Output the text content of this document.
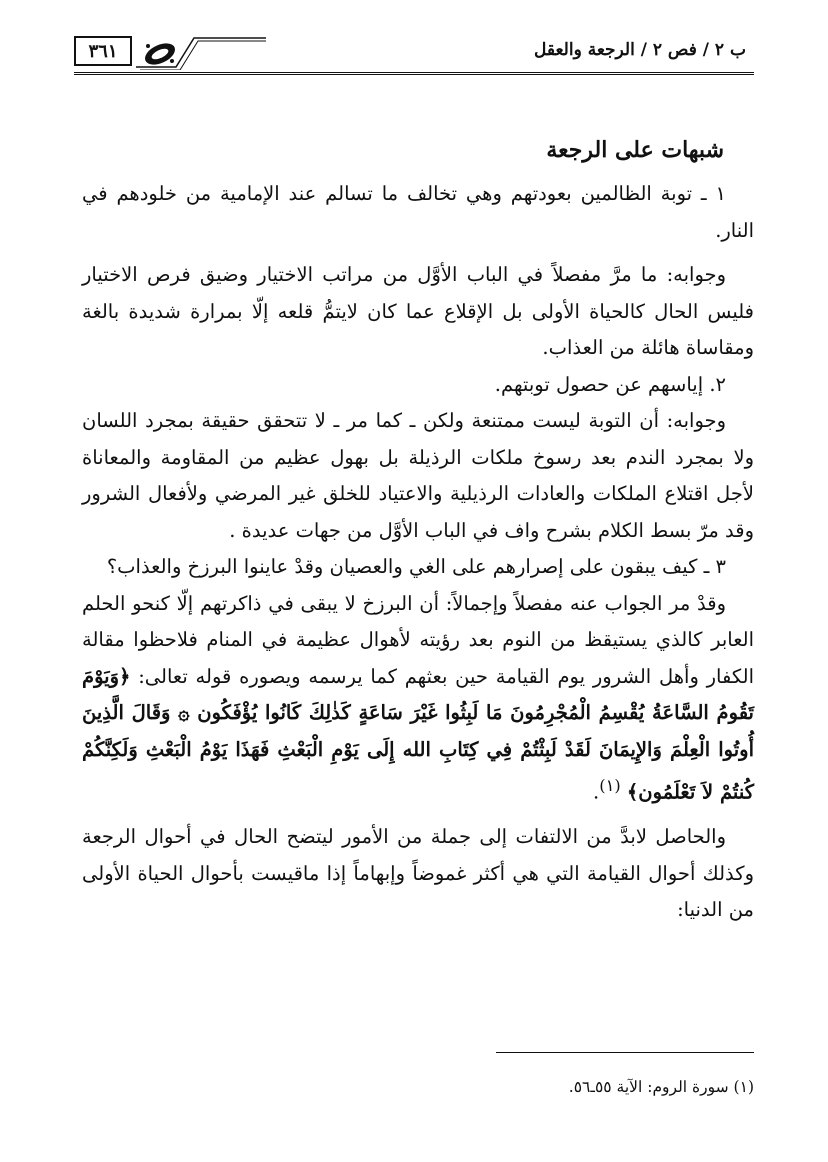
ب ٢ / فص ٢ / الرجعة والعقل
٣٦١

شبهات على الرجعة

١ ـ توبة الظالمين بعودتهم وهي تخالف ما تسالم عند الإمامية من خلودهم في النار.

وجوابه: ما مرَّ مفصلاً في الباب الأوَّل من مراتب الاختيار وضيق فرص الاختيار فليس الحال كالحياة الأولى بل الإقلاع عما كان لايتمُّ قلعه إلّا بمرارة شديدة بالغة ومقاساة هائلة من العذاب.

٢. إياسهم عن حصول توبتهم.

وجوابه: أن التوبة ليست ممتنعة ولكن ـ كما مر ـ لا تتحقق حقيقة بمجرد اللسان ولا بمجرد الندم بعد رسوخ ملكات الرذيلة بل بهول عظيم من المقاومة والمعاناة لأجل اقتلاع الملكات والعادات الرذيلية والاعتياد للخلق غير المرضي ولأفعال الشرور وقد مرّ بسط الكلام بشرح واف في الباب الأوَّل من جهات عديدة .

٣ ـ كيف يبقون على إصرارهم على الغي والعصيان وقدْ عاينوا البرزخ والعذاب؟

وقدْ مر الجواب عنه مفصلاً وإجمالاً: أن البرزخ لا يبقى في ذاكرتهم إلّا كنحو الحلم العابر كالذي يستيقظ من النوم بعد رؤيته لأهوال عظيمة في المنام فلاحظوا مقالة الكفار وأهل الشرور يوم القيامة حين بعثهم كما يرسمه ويصوره قوله تعالى: ﴿وَيَوْمَ تَقُومُ السَّاعَةُ يُقْسِمُ الْمُجْرِمُونَ مَا لَبِثُوا غَيْرَ سَاعَةٍ كَذٰلِكَ كَانُوا يُؤْفَكُون ۞ وَقَالَ الَّذِينَ أُوتُوا الْعِلْمَ وَالإِيمَانَ لَقَدْ لَبِثْتُمْ فِي كِتَابِ الله إِلَى يَوْمِ الْبَعْثِ فَهَذَا يَوْمُ الْبَعْثِ وَلَكِنَّكُمْ كُنتُمْ لاَ تَعْلَمُون﴾ $^{(١)}$.

والحاصل لابدَّ من الالتفات إلى جملة من الأمور ليتضح الحال في أحوال الرجعة وكذلك أحوال القيامة التي هي أكثر غموضاً وإبهاماً إذا ماقيست بأحوال الحياة الأولى من الدنيا:

(١) سورة الروم: الآية ٥٥ـ٥٦.
